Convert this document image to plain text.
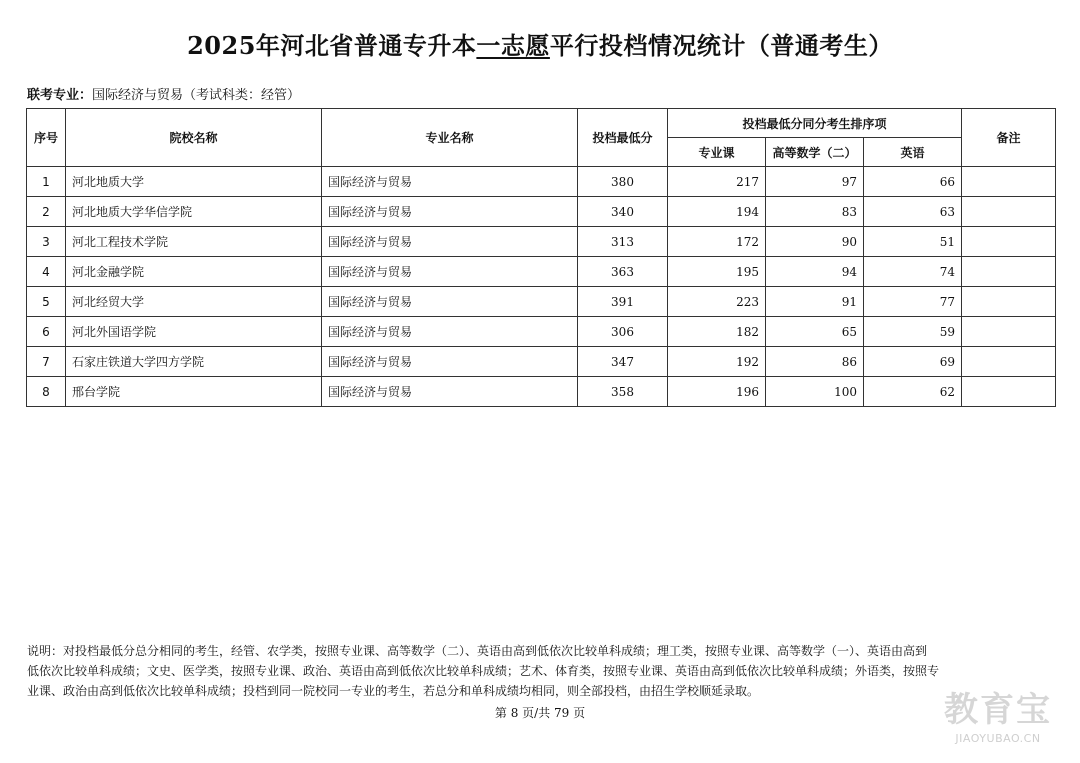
2025年河北省普通专升本一志愿平行投档情况统计（普通考生）
联考专业：国际经济与贸易（考试科类：经管）
序号	院校名称	专业名称	投档最低分	投档最低分同分考生排序项			备注
				专业课	高等数学（二）	英语	
1	河北地质大学	国际经济与贸易	380	217	97	66	
2	河北地质大学华信学院	国际经济与贸易	340	194	83	63	
3	河北工程技术学院	国际经济与贸易	313	172	90	51	
4	河北金融学院	国际经济与贸易	363	195	94	74	
5	河北经贸大学	国际经济与贸易	391	223	91	77	
6	河北外国语学院	国际经济与贸易	306	182	65	59	
7	石家庄铁道大学四方学院	国际经济与贸易	347	192	86	69	
8	邢台学院	国际经济与贸易	358	196	100	62	
说明：对投档最低分总分相同的考生，经管、农学类，按照专业课、高等数学（二）、英语由高到低依次比较单科成绩；理工类，按照专业课、高等数学（一）、英语由高到
低依次比较单科成绩；文史、医学类，按照专业课、政治、英语由高到低依次比较单科成绩；艺术、体育类，按照专业课、英语由高到低依次比较单科成绩；外语类，按照专
业课、政治由高到低依次比较单科成绩；投档到同一院校同一专业的考生，若总分和单科成绩均相同，则全部投档，由招生学校顺延录取。
第 8 页/共 79 页	教育宝
JIAOYUBAO.CN
